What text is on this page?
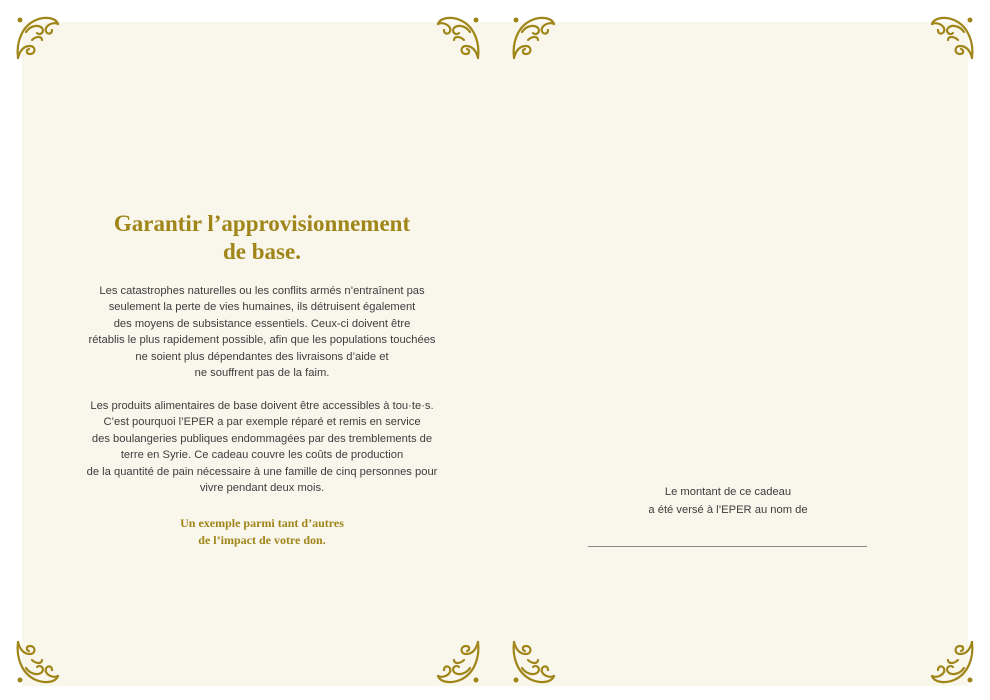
Garantir l’approvisionnement
de base.

Les catastrophes naturelles ou les conflits armés n’entraînent pas
seulement la perte de vies humaines, ils détruisent également
des moyens de subsistance essentiels. Ceux-ci doivent être
rétablis le plus rapidement possible, afin que les populations touchées
ne soient plus dépendantes des livraisons d’aide et
ne souffrent pas de la faim.

Les produits alimentaires de base doivent être accessibles à tou·te·s.
C’est pourquoi l’EPER a par exemple réparé et remis en service
des boulangeries publiques endommagées par des tremblements de
terre en Syrie. Ce cadeau couvre les coûts de production
de la quantité de pain nécessaire à une famille de cinq personnes pour
vivre pendant deux mois.

Un exemple parmi tant d’autres
de l’impact de votre don.

Le montant de ce cadeau
a été versé à l’EPER au nom de
